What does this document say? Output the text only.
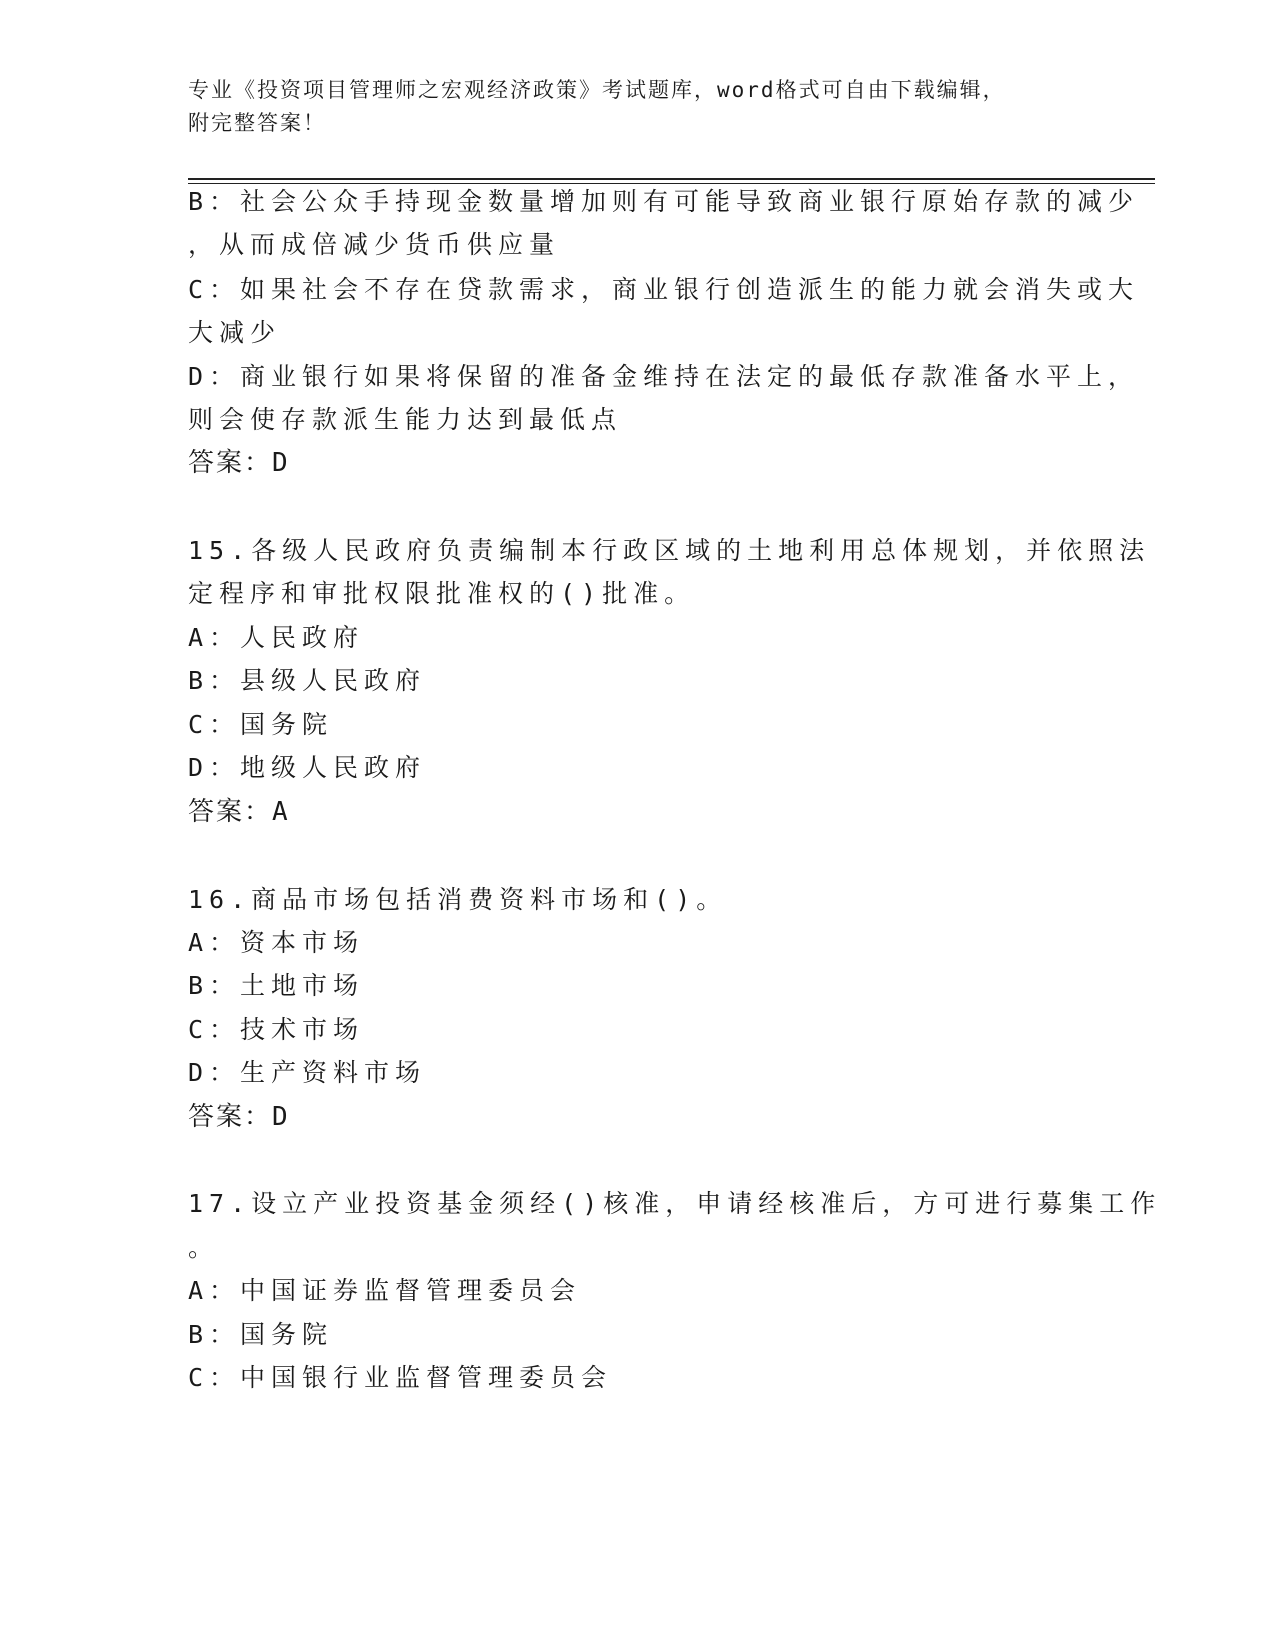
专业《投资项目管理师之宏观经济政策》考试题库，word格式可自由下载编辑，
附完整答案！
B：社会公众手持现金数量增加则有可能导致商业银行原始存款的减少
，从而成倍减少货币供应量
C：如果社会不存在贷款需求，商业银行创造派生的能力就会消失或大
大减少
D：商业银行如果将保留的准备金维持在法定的最低存款准备水平上，
则会使存款派生能力达到最低点
答案：D
15.各级人民政府负责编制本行政区域的土地利用总体规划，并依照法
定程序和审批权限批准权的()批准。
A：人民政府
B：县级人民政府
C：国务院
D：地级人民政府
答案：A
16.商品市场包括消费资料市场和()。
A：资本市场
B：土地市场
C：技术市场
D：生产资料市场
答案：D
17.设立产业投资基金须经()核准，申请经核准后，方可进行募集工作
。
A：中国证券监督管理委员会
B：国务院
C：中国银行业监督管理委员会
